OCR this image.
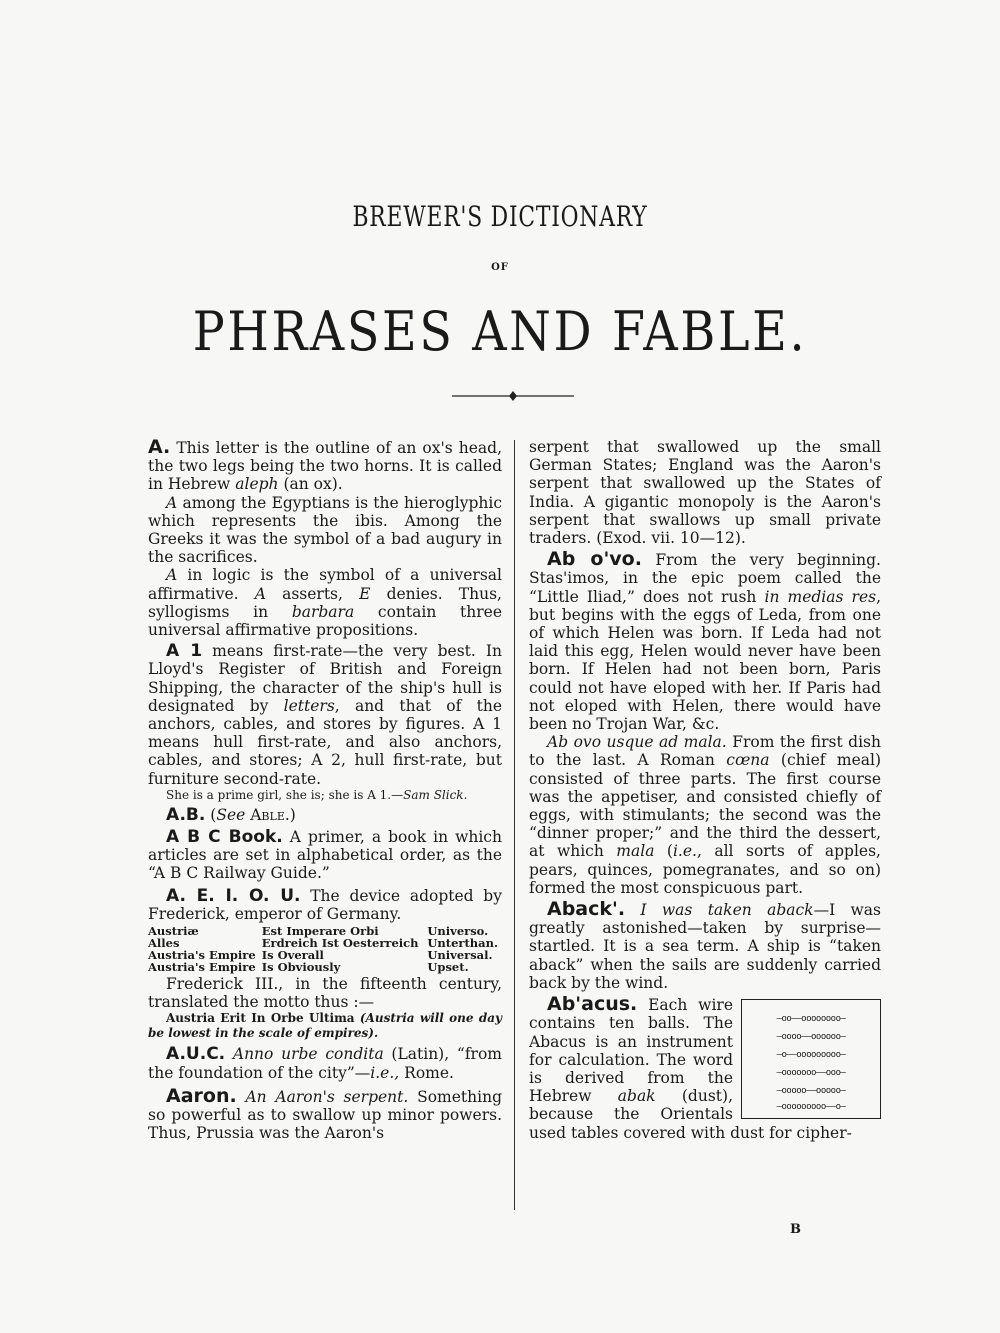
BREWER'S DICTIONARY
OF
PHRASES AND FABLE.

A. This letter is the outline of an ox's head, the two legs being the two horns. It is called in Hebrew aleph (an ox).

A among the Egyptians is the hieroglyphic which represents the ibis. Among the Greeks it was the symbol of a bad augury in the sacrifices.

A in logic is the symbol of a universal affirmative. A asserts, E denies. Thus, syllogisms in barbara contain three universal affirmative propositions.

A 1 means first-rate—the very best. In Lloyd's Register of British and Foreign Shipping, the character of the ship's hull is designated by letters, and that of the anchors, cables, and stores by figures. A 1 means hull first-rate, and also anchors, cables, and stores; A 2, hull first-rate, but furniture second-rate.

She is a prime girl, she is; she is A 1.—Sam Slick.

A.B. (See Able.)

A B C Book. A primer, a book in which articles are set in alphabetical order, as the “A B C Railway Guide.”

A. E. I. O. U. The device adopted by Frederick, emperor of Germany.

Austriæ	Est Imperare Orbi	Universo.
Alles	Erdreich Ist Oesterreich	Unterthan.
Austria's Empire	Is Overall	Universal.
Austria's Empire	Is Obviously	Upset.

Frederick III., in the fifteenth century, translated the motto thus :—

Austria Erit In Orbe Ultima (Austria will one day be lowest in the scale of empires).

A.U.C. Anno urbe condita (Latin), “from the foundation of the city”—i.e., Rome.

Aaron. An Aaron's serpent. Something so powerful as to swallow up minor powers. Thus, Prussia was the Aaron's

serpent that swallowed up the small German States; England was the Aaron's serpent that swallowed up the States of India. A gigantic monopoly is the Aaron's serpent that swallows up small private traders. (Exod. vii. 10—12).

Ab o'vo. From the very beginning. Stas'imos, in the epic poem called the “Little Iliad,” does not rush in medias res, but begins with the eggs of Leda, from one of which Helen was born. If Leda had not laid this egg, Helen would never have been born. If Helen had not been born, Paris could not have eloped with her. If Paris had not eloped with Helen, there would have been no Trojan War, &c.

Ab ovo usque ad mala. From the first dish to the last. A Roman cœna (chief meal) consisted of three parts. The first course was the appetiser, and consisted chiefly of eggs, with stimulants; the second was the “dinner proper;” and the third the dessert, at which mala (i.e., all sorts of apples, pears, quinces, pomegranates, and so on) formed the most conspicuous part.

Aback'. I was taken aback—I was greatly astonished—taken by surprise—startled. It is a sea term. A ship is “taken aback” when the sails are suddenly carried back by the wind.

—oo——oooooooo—
—oooo——oooooo—
—o——ooooooooo—
—ooooooo——ooo—
—ooooo——ooooo—
—ooooooooo——o—

Ab'acus. Each wire contains ten balls. The Abacus is an instrument for calculation. The word is derived from the Hebrew abak (dust), because the Orientals used tables covered with dust for cipher-

B
